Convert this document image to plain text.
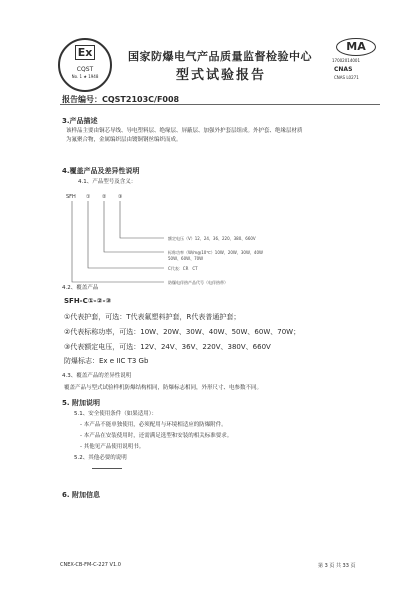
Ex
CQST
No. 1 ★ 1948
国家防爆电气产品质量监督检验中心
型式试验报告
MA
17002014001
CNAS
CNAS L0271
报告编号：CQST2103C/F008
3.产品描述
该样品主要由铜芯导线、导电塑料层、绝缘层、屏蔽层、加强外护套层组成。外护套、绝缘层材质
为氟聚合物，金属编织层由镀铜钢丝编织而成。
4.覆盖产品及差异性说明
4.1、产品型号及含义：
SFH ① ② ③
额定电压（V）12、24、36、220、380、660V
标称功率（W/m@10℃）10W、20W、30W、40W
50W、60W、70W
C代表：CR　CT
防爆电伴热产品代号（电伴热带）
4.2、覆盖产品
SFH-C①-②-③
①代表护套，可选：T代表氟塑料护套，R代表普通护套；
②代表标称功率，可选：10W、20W、30W、40W、50W、60W、70W；
③代表额定电压，可选：12V、24V、36V、220V、380V、660V
防爆标志：Ex e IIC T3 Gb
4.3、覆盖产品的差异性说明
覆盖产品与型式试验样机防爆结构相同，防爆标志相同，外形尺寸、电参数不同。
5. 附加说明
5.1、安全使用条件（如果适用）：
- 本产品不能单独使用，必须配用与环境相适应的防爆附件。
- 本产品在安装使用时，还需满足选型和安装的相关标准要求。
- 其他见产品使用说明书。
5.2、其他必要的说明
6. 附加信息
CNEX-CB-FM-C-227 V1.0	第 3 页 共 33 页
